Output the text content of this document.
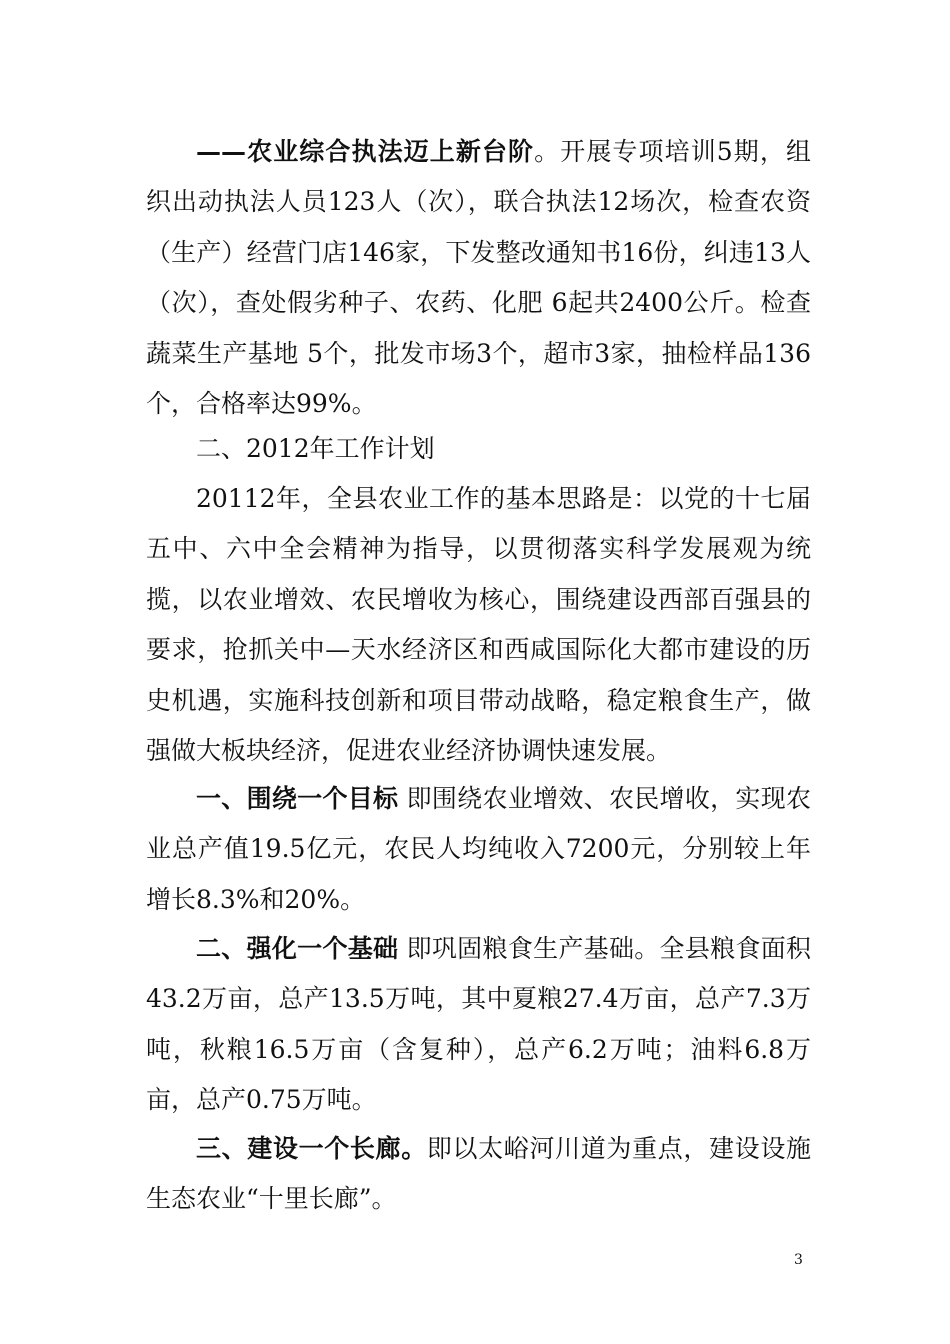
——农业综合执法迈上新台阶。开展专项培训5期，组织出动执法人员123人（次），联合执法12场次，检查农资（生产）经营门店146家，下发整改通知书16份，纠违13人（次），查处假劣种子、农药、化肥 6起共2400公斤。检查蔬菜生产基地 5个，批发市场3个，超市3家，抽检样品136个，合格率达99%。

二、2012年工作计划

20112年，全县农业工作的基本思路是：以党的十七届五中、六中全会精神为指导，以贯彻落实科学发展观为统揽，以农业增效、农民增收为核心，围绕建设西部百强县的要求，抢抓关中—天水经济区和西咸国际化大都市建设的历史机遇，实施科技创新和项目带动战略，稳定粮食生产，做强做大板块经济，促进农业经济协调快速发展。

一、围绕一个目标 即围绕农业增效、农民增收，实现农业总产值19.5亿元，农民人均纯收入7200元，分别较上年增长8.3%和20%。

二、强化一个基础 即巩固粮食生产基础。全县粮食面积43.2万亩，总产13.5万吨，其中夏粮27.4万亩，总产7.3万吨，秋粮16.5万亩（含复种），总产6.2万吨；油料6.8万亩，总产0.75万吨。

三、建设一个长廊。即以太峪河川道为重点，建设设施生态农业“十里长廊”。

3
